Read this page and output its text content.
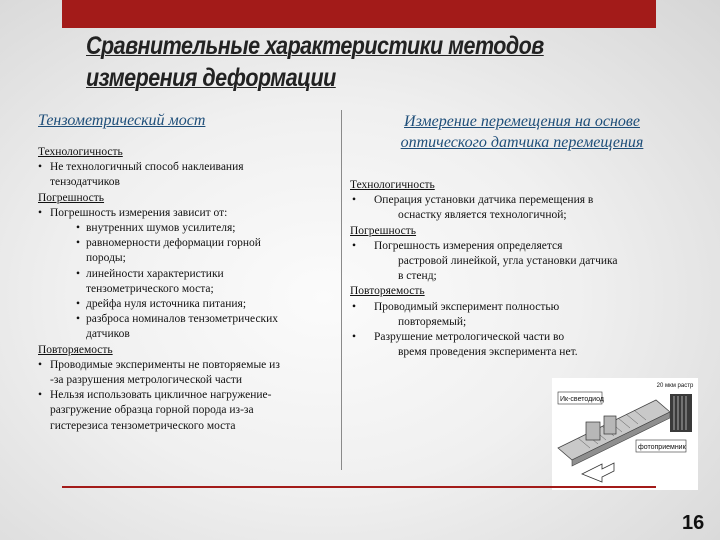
Сравнительные характеристики методов
измерения деформации
Тензометрический мост	Измерение перемещения на основе
оптического датчика перемещения
Технологичность
• Не технологичный способ наклеивания
тензодатчиков
Погрешность
• Погрешность измерения зависит от:
• внутренних шумов усилителя;
• равномерности деформации горной
породы;
• линейности характеристики
тензометрического моста;
• дрейфа нуля источника питания;
• разброса номиналов тензометрических
датчиков
Повторяемость
• Проводимые эксперименты не повторяемые из
-за разрушения метрологической части
• Нельзя использовать цикличное нагружение-
разгружение образца горной порода из-за
гистерезиса тензометрического моста
Технологичность
• Операция установки датчика перемещения в
оснастку является технологичной;
Погрешность
• Погрешность измерения определяется
растровой линейкой, угла установки датчика
в стенд;
Повторяемость
• Проводимый эксперимент полностью
повторяемый;
• Разрушение метрологической части во
время проведения эксперимента нет.
Ик-светодиод
фотоприемник
20 мкм растр
16
